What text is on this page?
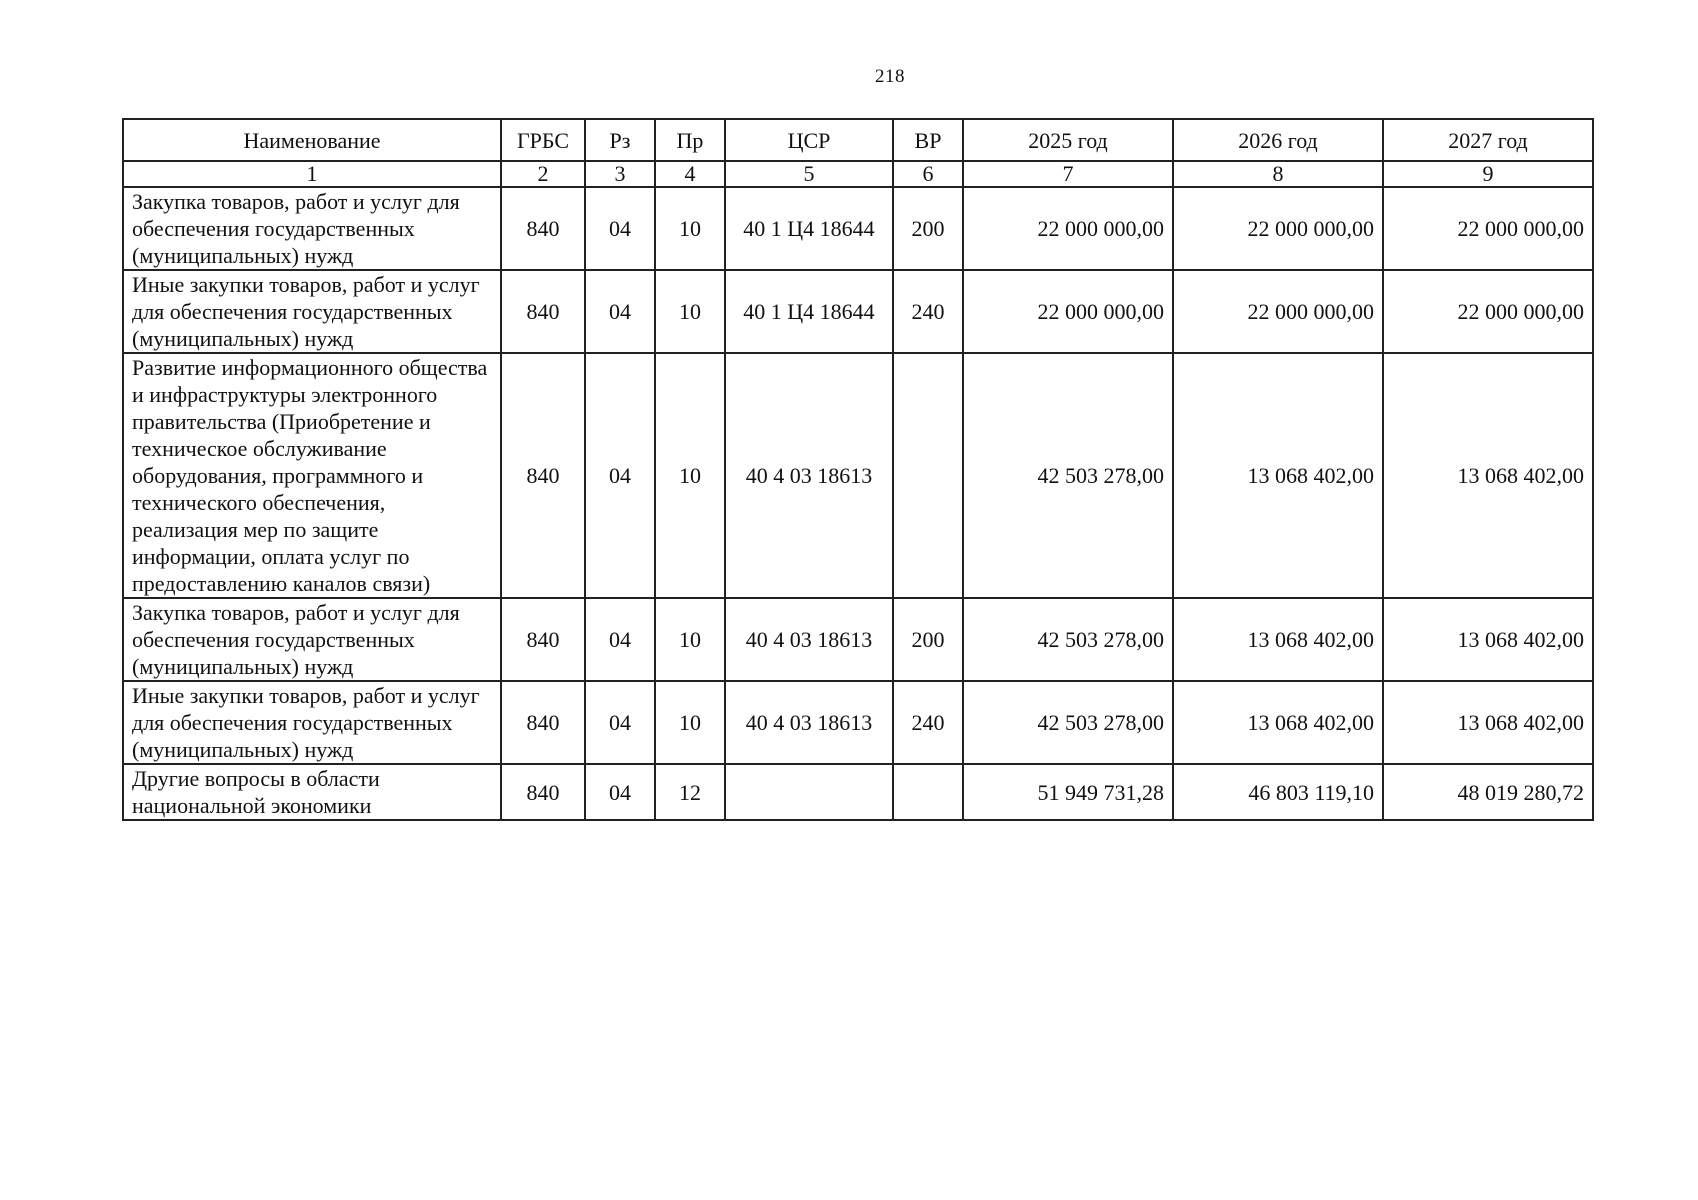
218
Наименование	ГРБС	Рз	Пр	ЦСР	ВР	2025 год	2026 год	2027 год
1	2	3	4	5	6	7	8	9
Закупка товаров, работ и услуг для обеспечения государственных (муниципальных) нужд	840	04	10	40 1 Ц4 18644	200	22 000 000,00	22 000 000,00	22 000 000,00
Иные закупки товаров, работ и услуг для обеспечения государственных (муниципальных) нужд	840	04	10	40 1 Ц4 18644	240	22 000 000,00	22 000 000,00	22 000 000,00
Развитие информационного общества и инфраструктуры электронного правительства (Приобретение и техническое обслуживание оборудования, программного и технического обеспечения, реализация мер по защите информации, оплата услуг по предоставлению каналов связи)	840	04	10	40 4 03 18613		42 503 278,00	13 068 402,00	13 068 402,00
Закупка товаров, работ и услуг для обеспечения государственных (муниципальных) нужд	840	04	10	40 4 03 18613	200	42 503 278,00	13 068 402,00	13 068 402,00
Иные закупки товаров, работ и услуг для обеспечения государственных (муниципальных) нужд	840	04	10	40 4 03 18613	240	42 503 278,00	13 068 402,00	13 068 402,00
Другие вопросы в области национальной экономики	840	04	12			51 949 731,28	46 803 119,10	48 019 280,72
